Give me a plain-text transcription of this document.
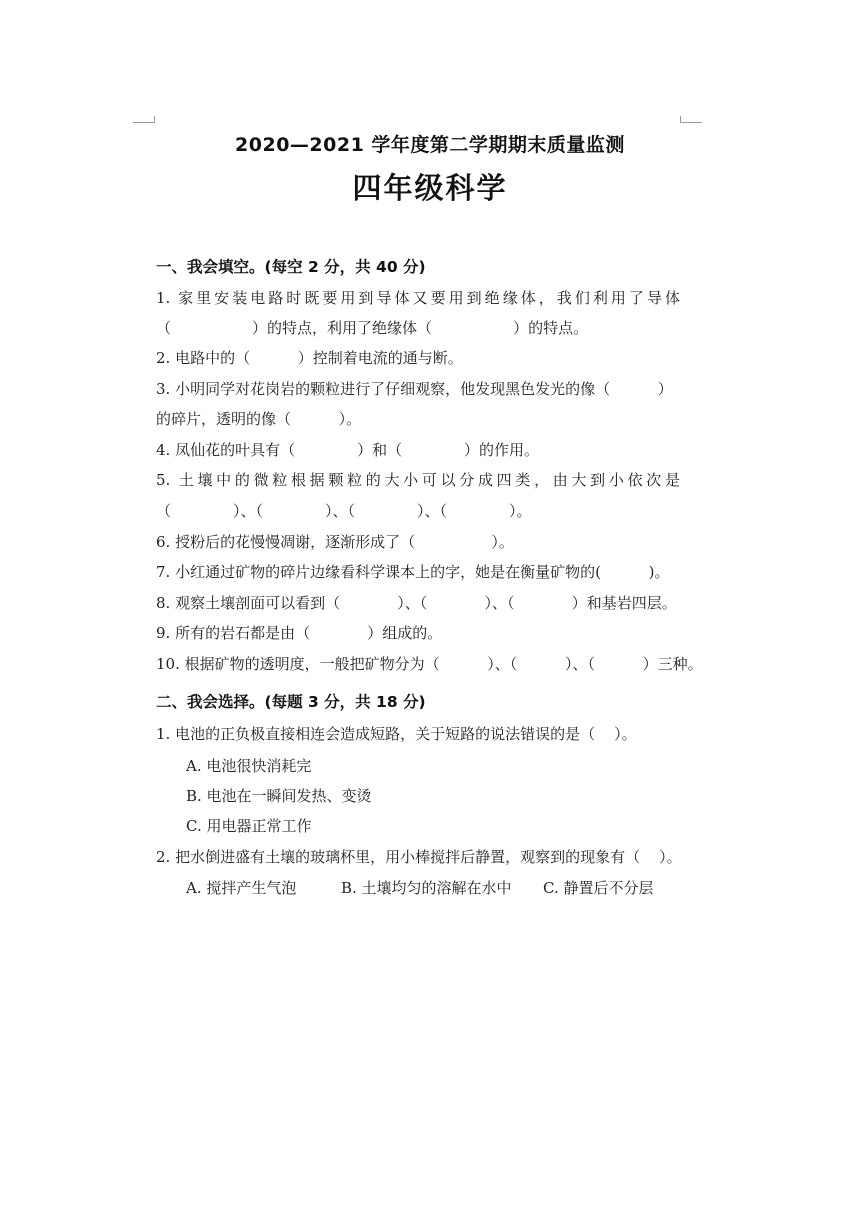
2020—2021 学年度第二学期期末质量监测
四年级科学
一、我会填空。(每空 2 分，共 40 分)
1. 家里安装电路时既要用到导体又要用到绝缘体，我们利用了导体
（                 ）的特点，利用了绝缘体（                 ）的特点。
2. 电路中的（          ）控制着电流的通与断。
3. 小明同学对花岗岩的颗粒进行了仔细观察，他发现黑色发光的像（          ）
的碎片，透明的像（          ）。
4. 凤仙花的叶具有（             ）和（             ）的作用。
5. 土壤中的微粒根据颗粒的大小可以分成四类，由大到小依次是
（             ）、（             ）、（             ）、（             ）。
6. 授粉后的花慢慢凋谢，逐渐形成了（                ）。
7. 小红通过矿物的碎片边缘看科学课本上的字，她是在衡量矿物的(          )。
8. 观察土壤剖面可以看到（            ）、（            ）、（            ）和基岩四层。
9. 所有的岩石都是由（            ）组成的。
10. 根据矿物的透明度，一般把矿物分为（          ）、（          ）、（          ）三种。
二、我会选择。(每题 3 分，共 18 分)
1. 电池的正负极直接相连会造成短路，关于短路的说法错误的是（    ）。
A. 电池很快消耗完
B. 电池在一瞬间发热、变烫
C. 用电器正常工作
2. 把水倒进盛有土壤的玻璃杯里，用小棒搅拌后静置，观察到的现象有（    ）。
A. 搅拌产生气泡	B. 土壤均匀的溶解在水中 C. 静置后不分层
